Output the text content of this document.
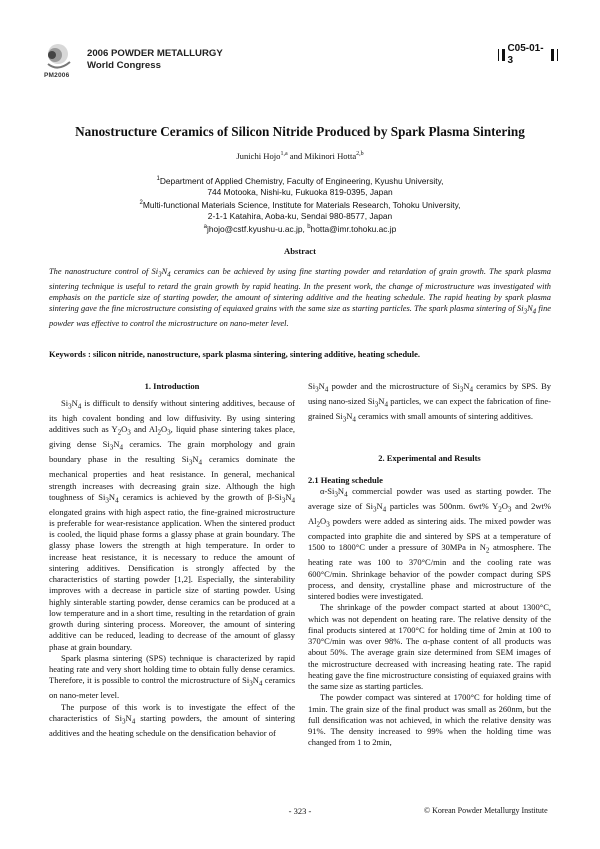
2006 POWDER METALLURGY
World Congress
PM2006
C05-01-3
Nanostructure Ceramics of Silicon Nitride Produced by Spark Plasma Sintering
Junichi Hojo$^{1,a}$ and Mikinori Hotta$^{2,b}$
$^1$Department of Applied Chemistry, Faculty of Engineering, Kyushu University,
744 Motooka, Nishi-ku, Fukuoka 819-0395, Japan
$^2$Multi-functional Materials Science, Institute for Materials Research, Tohoku University,
2-1-1 Katahira, Aoba-ku, Sendai 980-8577, Japan
$^a$jhojo@cstf.kyushu-u.ac.jp, $^b$hotta@imr.tohoku.ac.jp
Abstract

The nanostructure control of $Si_3N_4$ ceramics can be achieved by using fine starting powder and retardation of grain growth. The spark plasma sintering technique is useful to retard the grain growth by rapid heating. In the present work, the change of microstructure was investigated with emphasis on the particle size of starting powder, the amount of sintering additive and the heating schedule. The rapid heating by spark plasma sintering gave the fine microstructure consisting of equiaxed grains with the same size as starting particles. The spark plasma sintering of $Si_3N_4$ fine powder was effective to control the microstructure on nano-meter level.

Keywords : silicon nitride, nanostructure, spark plasma sintering, sintering additive, heating schedule.

1. Introduction

$Si_3N_4$ is difficult to densify without sintering additives, because of its high covalent bonding and low diffusivity. By using sintering additives such as $Y_2O_3$ and $Al_2O_3$, liquid phase sintering takes place, giving dense $Si_3N_4$ ceramics. The grain morphology and grain boundary phase in the resulting $Si_3N_4$ ceramics dominate the mechanical properties and heat resistance. In general, mechanical strength increases with decreasing grain size. Although the high toughness of $Si_3N_4$ ceramics is achieved by the growth of $\beta-Si_3N_4$ elongated grains with high aspect ratio, the fine-grained microstructure is preferable for wear-resistance application. When the sintered product is cooled, the liquid phase forms a glassy phase at grain boundary. The glassy phase lowers the strength at high temperature. In order to increase heat resistance, it is necessary to reduce the amount of sintering additives. Densification is strongly affected by the characteristics of starting powder [1,2]. Especially, the sinterability improves with a decrease in particle size of starting powder. Using highly sinterable starting powder, dense ceramics can be produced at a low temperature and in a short time, resulting in the retardation of grain growth during sintering process. Moreover, the amount of sintering additive can be reduced, leading to decrease of the amount of glassy phase at grain boundary.

Spark plasma sintering (SPS) technique is characterized by rapid heating rate and very short holding time to obtain fully dense ceramics. Therefore, it is possible to control the microstructure of $Si_3N_4$ ceramics on nano-meter level.

The purpose of this work is to investigate the effect of the characteristics of $Si_3N_4$ starting powders, the amount of sintering additives and the heating schedule on the densification behavior of

$Si_3N_4$ powder and the microstructure of $Si_3N_4$ ceramics by SPS. By using nano-sized $Si_3N_4$ particles, we can expect the fabrication of fine-grained $Si_3N_4$ ceramics with small amounts of sintering additives.

2. Experimental and Results

2.1 Heating schedule

$\alpha-Si_3N_4$ commercial powder was used as starting powder. The average size of $Si_3N_4$ particles was 500nm. 6wt% $Y_2O_3$ and 2wt% $Al_2O_3$ powders were added as sintering aids. The mixed powder was compacted into graphite die and sintered by SPS at a temperature of 1500 to 1800°C under a pressure of 30MPa in $N_2$ atmosphere. The heating rate was 100 to 370°C/min and the cooling rate was 600°C/min. Shrinkage behavior of the powder compact during SPS process, and density, crystalline phase and microstructure of the sintered bodies were investigated.

The shrinkage of the powder compact started at about 1300°C, which was not dependent on heating rare. The relative density of the final products sintered at 1700°C for holding time of 2min at 100 to 370°C/min was over 98%. The α-phase content of all products was about 50%. The average grain size determined from SEM images of the microstructure decreased with increasing heating rate. The rapid heating gave the fine microstructure consisting of equiaxed grains with the same size as starting particles.

The powder compact was sintered at 1700°C for holding time of 1min. The grain size of the final product was small as 260nm, but the full densification was not achieved, in which the relative density was 91%. The density increased to 99% when the holding time was changed from 1 to 2min,

- 323 -	© Korean Powder Metallurgy Institute
